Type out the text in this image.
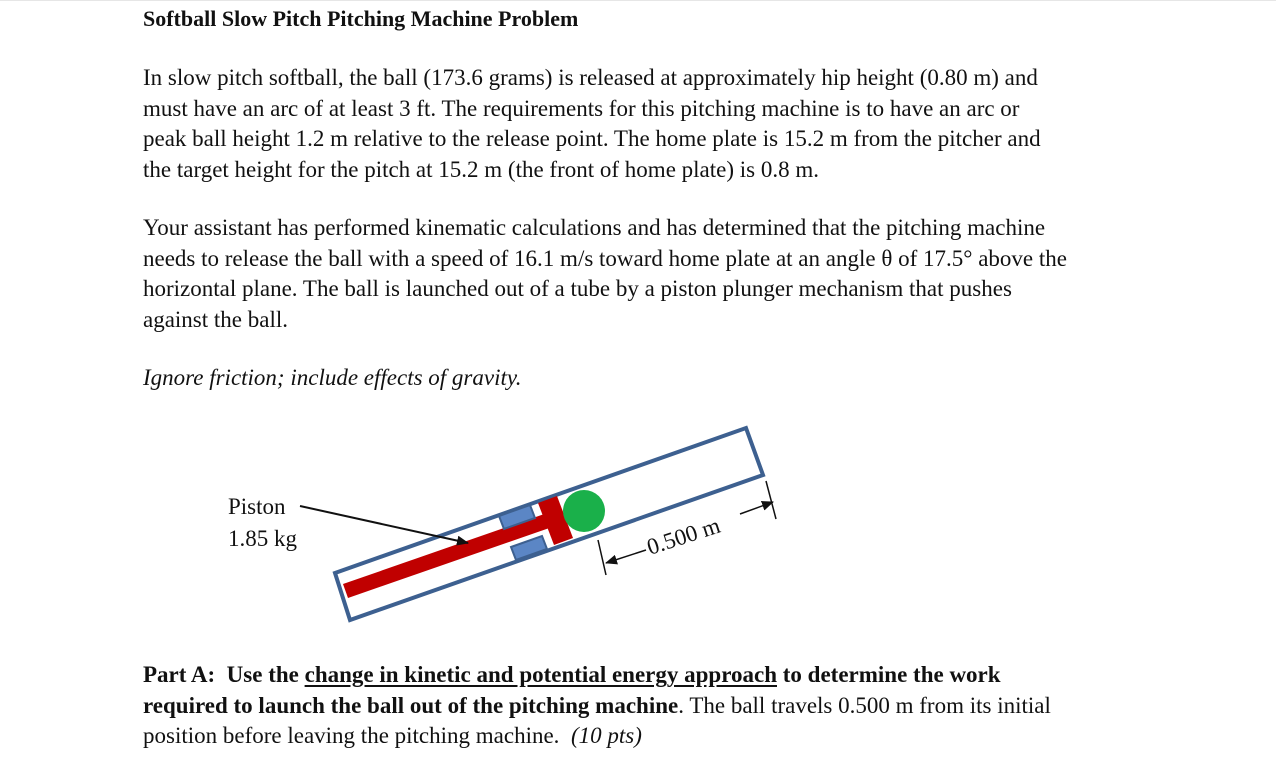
Softball Slow Pitch Pitching Machine Problem

In slow pitch softball, the ball (173.6 grams) is released at approximately hip height (0.80 m) and
must have an arc of at least 3 ft. The requirements for this pitching machine is to have an arc or
peak ball height 1.2 m relative to the release point. The home plate is 15.2 m from the pitcher and
the target height for the pitch at 15.2 m (the front of home plate) is 0.8 m.

Your assistant has performed kinematic calculations and has determined that the pitching machine
needs to release the ball with a speed of 16.1 m/s toward home plate at an angle θ of 17.5° above the
horizontal plane. The ball is launched out of a tube by a piston plunger mechanism that pushes
against the ball.

Ignore friction; include effects of gravity.

Piston
1.85 kg	0.500 m

Part A: Use the change in kinetic and potential energy approach to determine the work
required to launch the ball out of the pitching machine. The ball travels 0.500 m from its initial
position before leaving the pitching machine. (10 pts)
